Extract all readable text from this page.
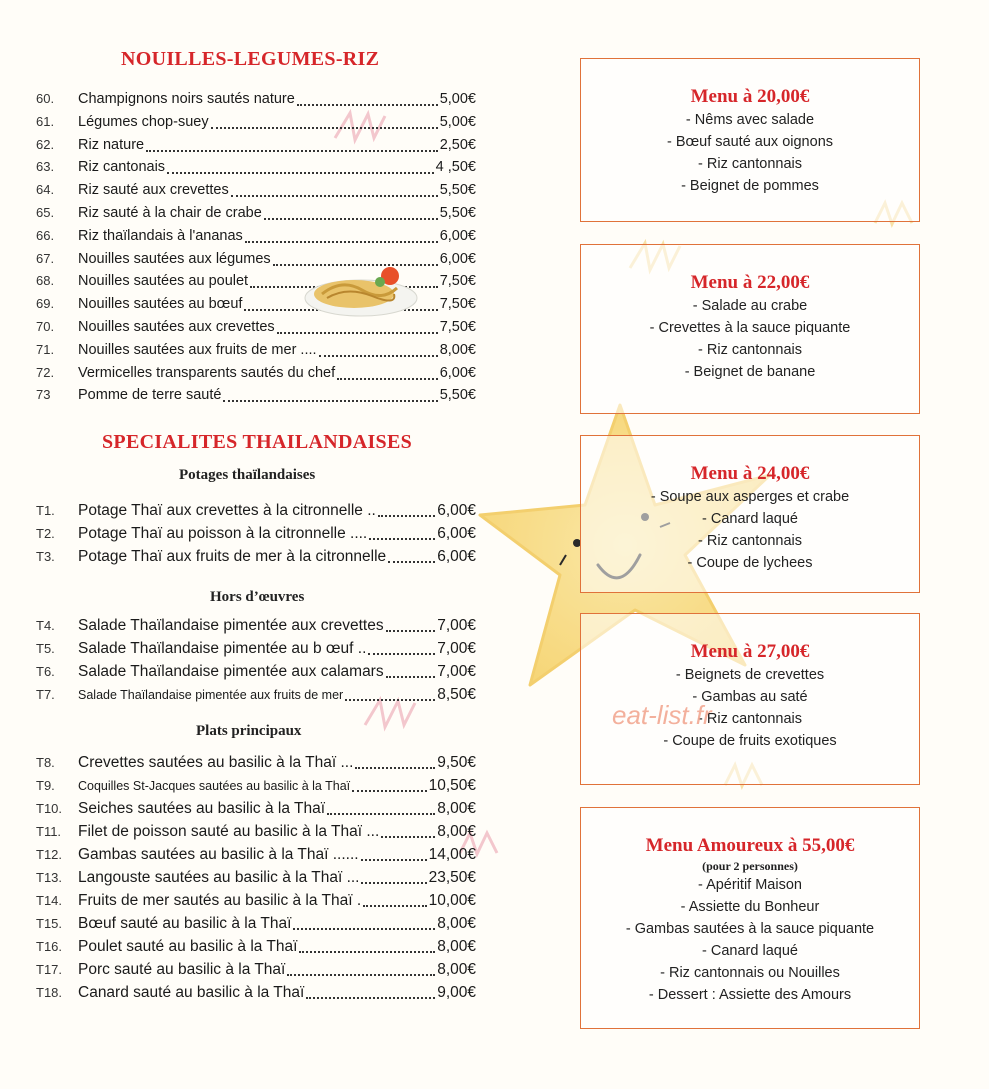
NOUILLES-LEGUMES-RIZ
60.	Champignons noirs sautés nature	5,00€
61.	Légumes chop-suey	5,00€
62.	Riz nature	2,50€
63.	Riz cantonais	4 ,50€
64.	Riz sauté aux crevettes	5,50€
65.	Riz sauté à la chair de crabe	5,50€
66.	Riz thaïlandais à l'ananas	6,00€
67.	Nouilles sautées aux légumes	6,00€
68.	Nouilles sautées au poulet	7,50€
69.	Nouilles sautées au bœuf	7,50€
70.	Nouilles sautées aux crevettes	7,50€
71.	Nouilles sautées aux fruits de mer ....	8,00€
72.	Vermicelles transparents sautés du chef	6,00€
73	Pomme de terre sauté	5,50€
SPECIALITES THAILANDAISES
Potages thaïlandaises
T1.	Potage Thaï aux crevettes à la citronnelle ..	6,00€
T2.	Potage Thaï au poisson à la citronnelle ....	6,00€
T3.	Potage Thaï aux fruits de mer à la citronnelle	6,00€
Hors d’œuvres
T4.	Salade Thaïlandaise pimentée aux crevettes	7,00€
T5.	Salade Thaïlandaise pimentée au b œuf ..	7,00€
T6.	Salade Thaïlandaise pimentée aux calamars	7,00€
T7.	Salade Thaïlandaise pimentée aux fruits de mer	8,50€
Plats principaux
T8.	Crevettes sautées au basilic à la Thaï ...	9,50€
T9.	Coquilles St-Jacques sautées au basilic à la Thaï	10,50€
T10.	Seiches sautées au basilic à la Thaï	8,00€
T11.	Filet de poisson sauté au basilic à la Thaï ...	8,00€
T12.	Gambas sautées au basilic à la Thaï ......	14,00€
T13.	Langouste sautées au basilic à la Thaï ...	23,50€
T14.	Fruits de mer sautés au basilic à la Thaï .	10,00€
T15.	Bœuf sauté au basilic à la Thaï	8,00€
T16.	Poulet sauté au basilic à la Thaï	8,00€
T17.	Porc sauté au basilic à la Thaï	8,00€
T18.	Canard sauté au basilic à la Thaï	9,00€
Menu à 20,00€
- Nêms avec salade
- Bœuf sauté aux oignons
- Riz cantonnais
- Beignet de pommes
Menu à 22,00€
- Salade au crabe
- Crevettes à la sauce piquante
- Riz cantonnais
- Beignet de banane
Menu à 24,00€
- Soupe aux asperges et crabe
- Canard laqué
- Riz cantonnais
- Coupe de lychees
Menu à 27,00€
- Beignets de crevettes
- Gambas au saté
- Riz cantonnais
- Coupe de fruits exotiques
Menu Amoureux à 55,00€
(pour 2 personnes)
- Apéritif Maison
- Assiette du Bonheur
- Gambas sautées à la sauce piquante
- Canard laqué
- Riz cantonnais ou Nouilles
- Dessert : Assiette des Amours
eat-list.fr
